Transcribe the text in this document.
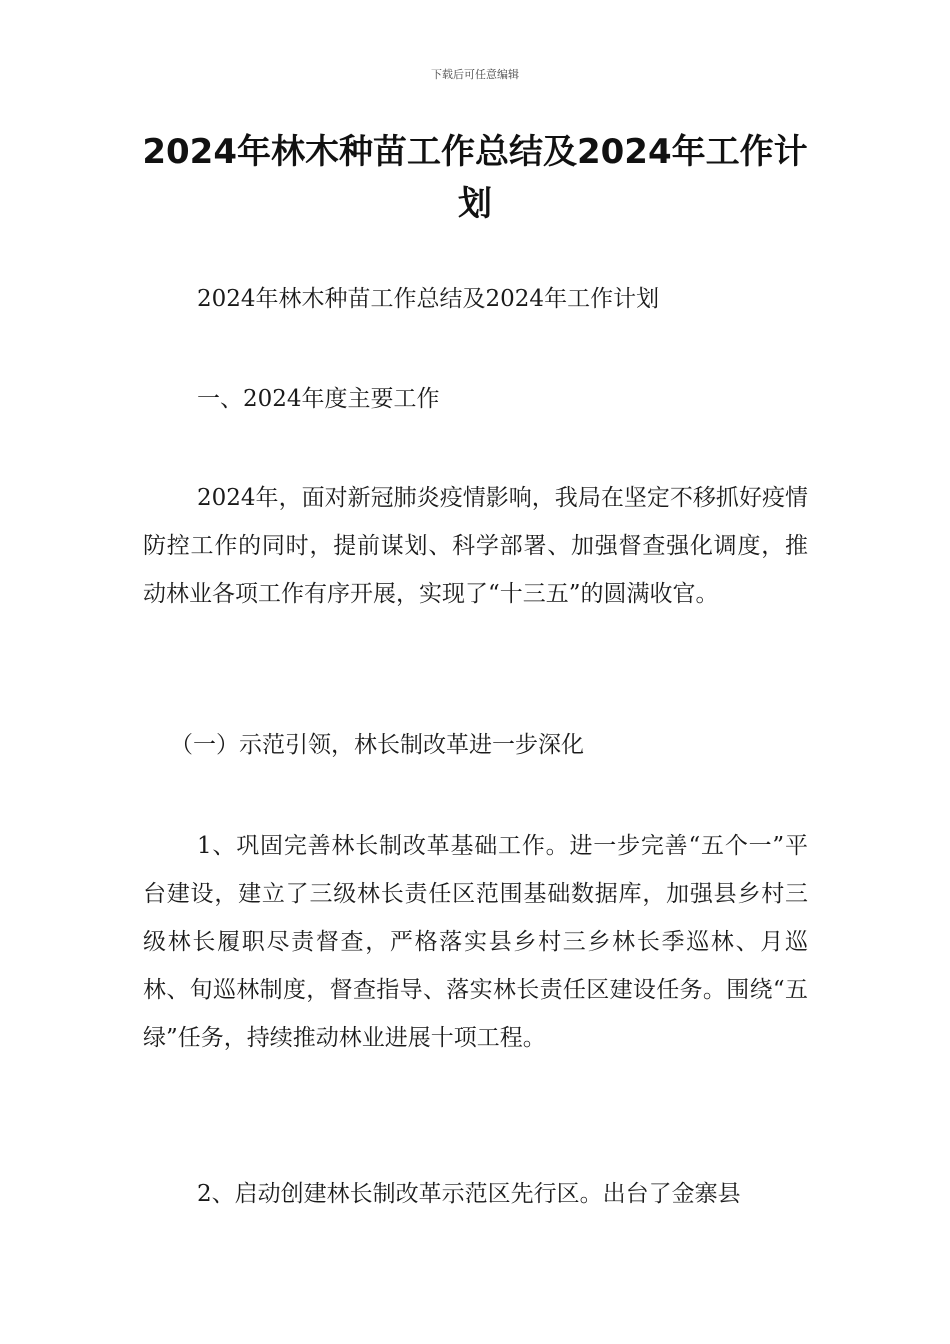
下载后可任意编辑
2024年林木种苗工作总结及2024年工作计划

2024年林木种苗工作总结及2024年工作计划

一、2024年度主要工作

2024年，面对新冠肺炎疫情影响，我局在坚定不移抓好疫情防控工作的同时，提前谋划、科学部署、加强督查强化调度，推动林业各项工作有序开展，实现了“十三五”的圆满收官。

（一）示范引领，林长制改革进一步深化

1、巩固完善林长制改革基础工作。进一步完善“五个一”平台建设，建立了三级林长责任区范围基础数据库，加强县乡村三级林长履职尽责督查，严格落实县乡村三乡林长季巡林、月巡林、旬巡林制度，督查指导、落实林长责任区建设任务。围绕“五绿”任务，持续推动林业进展十项工程。

2、启动创建林长制改革示范区先行区。出台了金寨县
